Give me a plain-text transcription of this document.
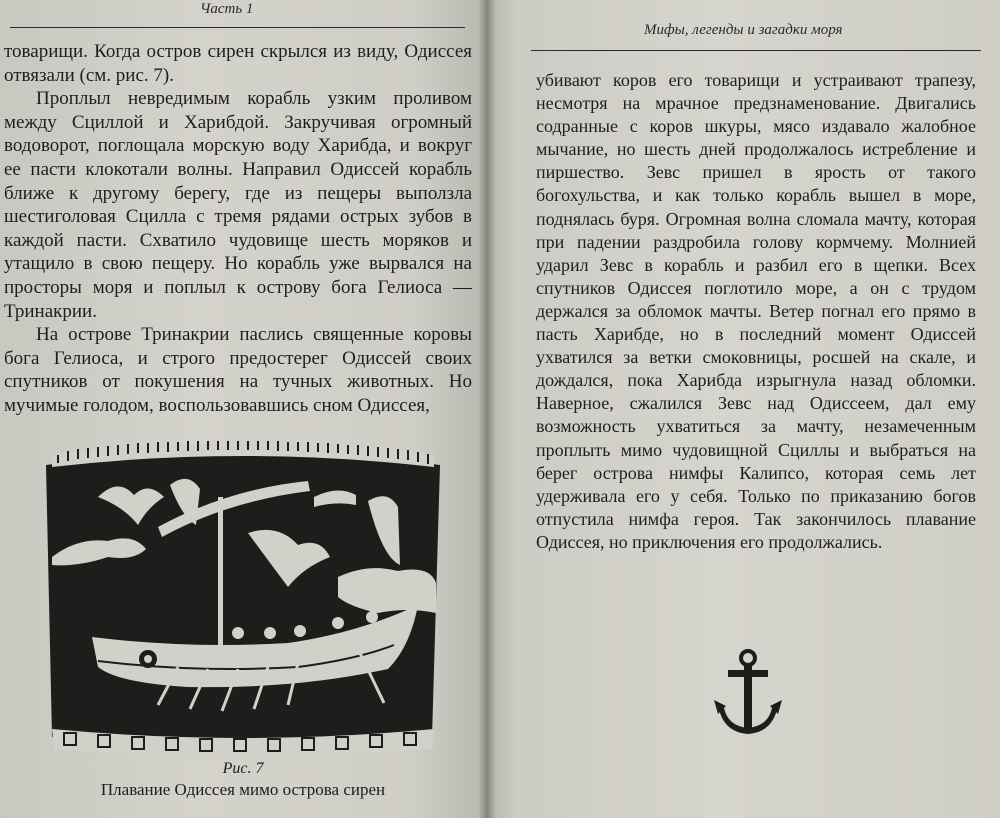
Часть 1

товарищи. Когда остров сирен скрылся из виду, Одиссея отвязали (см. рис. 7).

Проплыл невредимым корабль узким проливом между Сциллой и Харибдой. Закручивая огромный водоворот, поглощала морскую воду Харибда, и вокруг ее пасти клокотали волны. Направил Одиссей корабль ближе к другому берегу, где из пещеры выползла шестиголовая Сцилла с тремя рядами острых зубов в каждой пасти. Схватило чудовище шесть моряков и утащило в свою пещеру. Но корабль уже вырвался на просторы моря и поплыл к острову бога Гелиоса — Тринакрии.

На острове Тринакрии паслись священные коровы бога Гелиоса, и строго предостерег Одиссей своих спутников от покушения на тучных животных. Но мучимые голодом, воспользовавшись сном Одиссея,

Рис. 7
Плавание Одиссея мимо острова сирен
Мифы, легенды и загадки моря

убивают коров его товарищи и устраивают трапезу, несмотря на мрачное предзнаменование. Двигались содранные с коров шкуры, мясо издавало жалобное мычание, но шесть дней продолжалось истребление и пиршество. Зевс пришел в ярость от такого богохульства, и как только корабль вышел в море, поднялась буря. Огромная волна сломала мачту, которая при падении раздробила голову кормчему. Молнией ударил Зевс в корабль и разбил его в щепки. Всех спутников Одиссея поглотило море, а он с трудом держался за обломок мачты. Ветер погнал его прямо в пасть Харибде, но в последний момент Одиссей ухватился за ветки смоковницы, росшей на скале, и дождался, пока Харибда изрыгнула назад обломки. Наверное, сжалился Зевс над Одиссеем, дал ему возможность ухватиться за мачту, незамеченным проплыть мимо чудовищной Сциллы и выбраться на берег острова нимфы Калипсо, которая семь лет удерживала его у себя. Только по приказанию богов отпустила нимфа героя. Так закончилось плавание Одиссея, но приключения его продолжались.
